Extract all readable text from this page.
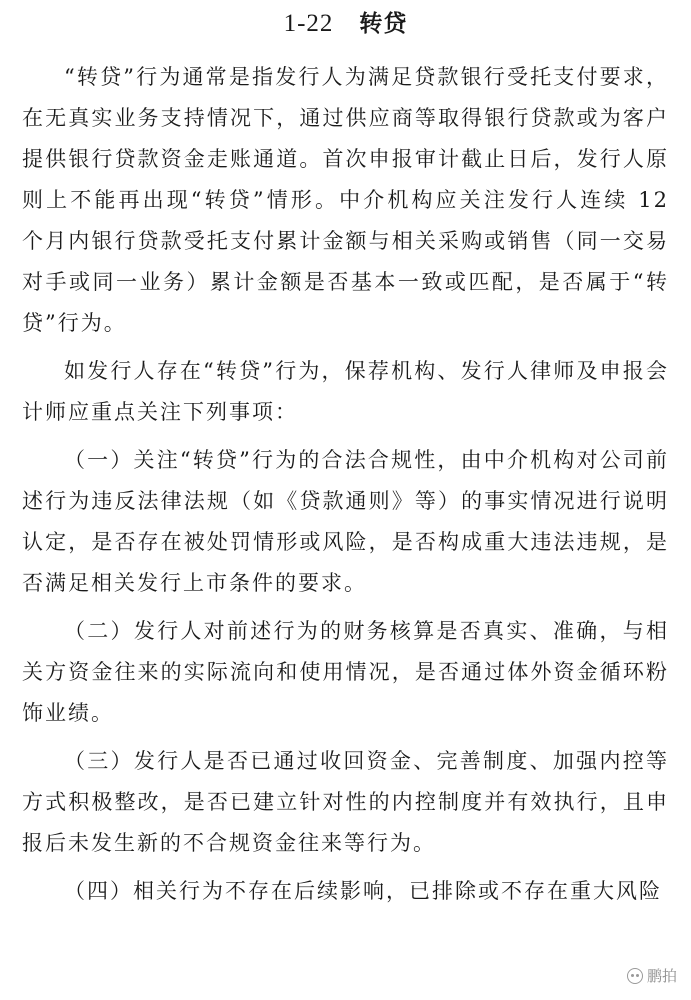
1-22 转贷

“转贷”行为通常是指发行人为满足贷款银行受托支付要求，在无真实业务支持情况下，通过供应商等取得银行贷款或为客户提供银行贷款资金走账通道。首次申报审计截止日后，发行人原则上不能再出现“转贷”情形。中介机构应关注发行人连续 12 个月内银行贷款受托支付累计金额与相关采购或销售（同一交易对手或同一业务）累计金额是否基本一致或匹配，是否属于“转贷”行为。

如发行人存在“转贷”行为，保荐机构、发行人律师及申报会计师应重点关注下列事项：

（一）关注“转贷”行为的合法合规性，由中介机构对公司前述行为违反法律法规（如《贷款通则》等）的事实情况进行说明认定，是否存在被处罚情形或风险，是否构成重大违法违规，是否满足相关发行上市条件的要求。

（二）发行人对前述行为的财务核算是否真实、准确，与相关方资金往来的实际流向和使用情况，是否通过体外资金循环粉饰业绩。

（三）发行人是否已通过收回资金、完善制度、加强内控等方式积极整改，是否已建立针对性的内控制度并有效执行，且申报后未发生新的不合规资金往来等行为。

（四）相关行为不存在后续影响，已排除或不存在重大风险

鹏拍
